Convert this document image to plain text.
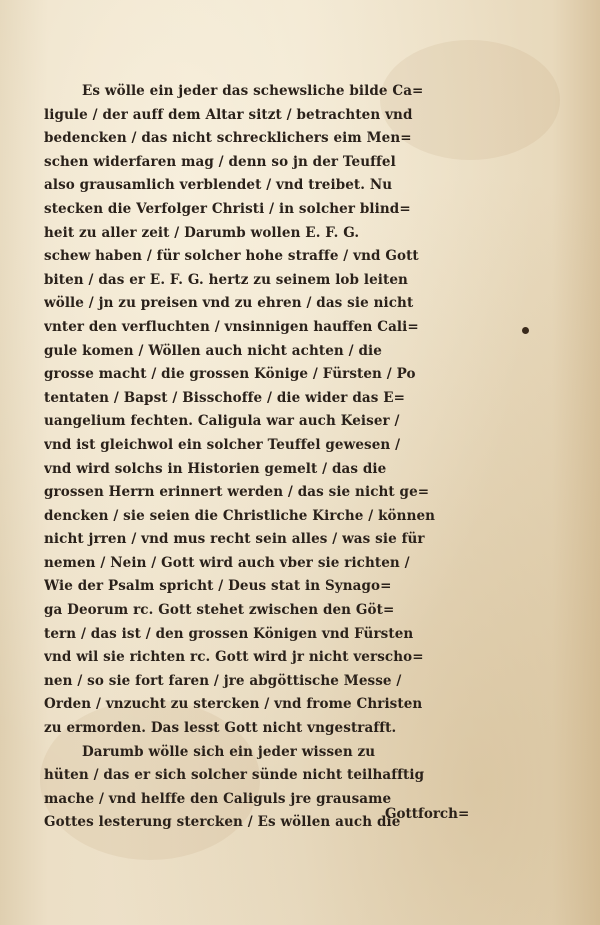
Es wölle ein jeder das schewsliche bilde Ca=
ligule / der auff dem Altar sitzt / betrachten vnd
bedencken / das nicht schrecklichers eim Men=
schen widerfaren mag / denn so jn der Teuffel
also grausamlich verblendet / vnd treibet. Nu
stecken die Verfolger Christi / in solcher blind=
heit zu aller zeit / Darumb wollen E. F. G.
schew haben / für solcher hohe straffe / vnd Gott
biten / das er E. F. G. hertz zu seinem lob leiten
wölle / jn zu preisen vnd zu ehren / das sie nicht
vnter den verfluchten / vnsinnigen hauffen Cali=
gule komen / Wöllen auch nicht achten / die
grosse macht / die grossen Könige / Fürsten / Po
tentaten / Bapst / Bisschoffe / die wider das E=
uangelium fechten. Caligula war auch Keiser /
vnd ist gleichwol ein solcher Teuffel gewesen /
vnd wird solchs in Historien gemelt / das die
grossen Herrn erinnert werden / das sie nicht ge=
dencken / sie seien die Christliche Kirche / können
nicht jrren / vnd mus recht sein alles / was sie für
nemen / Nein / Gott wird auch vber sie richten /
Wie der Psalm spricht / Deus stat in Synago=
ga Deorum rc. Gott stehet zwischen den Göt=
tern / das ist / den grossen Königen vnd Fürsten
vnd wil sie richten rc. Gott wird jr nicht verscho=
nen / so sie fort faren / jre abgöttische Messe /
Orden / vnzucht zu stercken / vnd frome Christen
zu ermorden. Das lesst Gott nicht vngestrafft.
Darumb wölle sich ein jeder wissen zu
hüten / das er sich solcher sünde nicht teilhafftig
mache / vnd helffe den Caliguls jre grausame
Gottes lesterung stercken / Es wöllen auch die
Gottforch=
